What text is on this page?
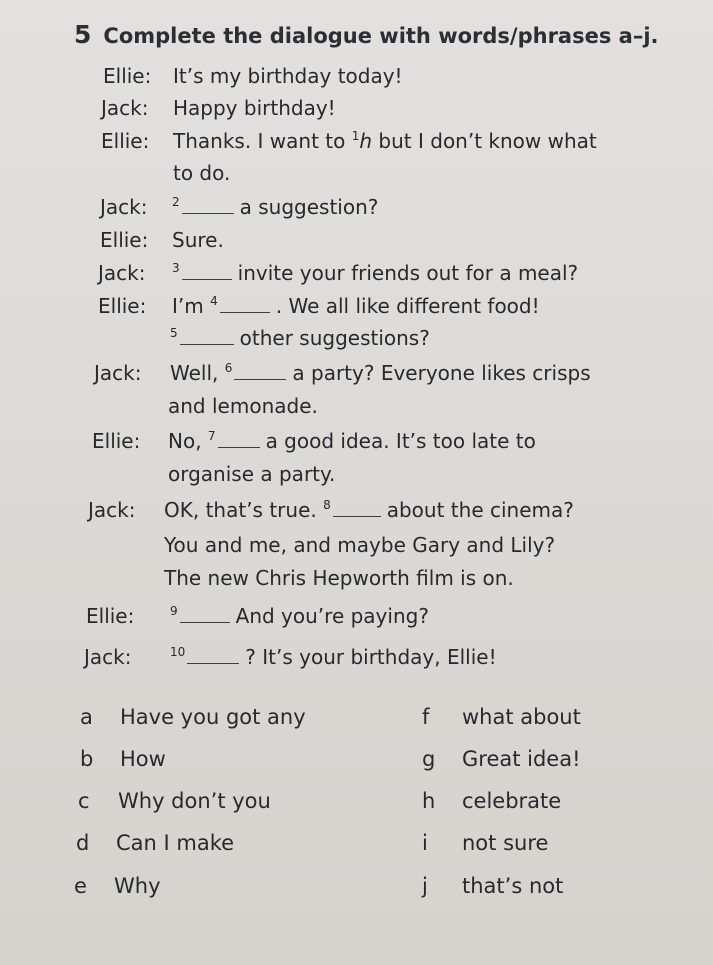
5 Complete the dialogue with words/phrases a–j.
Ellie: It’s my birthday today!
Jack: Happy birthday!
Ellie: Thanks. I want to $^1$h but I don’t know what
to do.
Jack: $^2$	a suggestion?
Ellie: Sure.
Jack: $^3$	invite your friends out for a meal?
Ellie: I’m $^4$	. We all like different food!
$^5$	other suggestions?
Jack: Well, $^6$	a party? Everyone likes crisps
and lemonade.
Ellie: No, $^7$	a good idea. It’s too late to
organise a party.
Jack: OK, that’s true. $^8$	about the cinema?
You and me, and maybe Gary and Lily?
The new Chris Hepworth film is on.
Ellie:	$^9$	And you’re paying?
Jack:	$^{10}$	? It’s your birthday, Ellie!
a Have you got any
b How
c Why don’t you
d Can I make
e Why
f what about
g Great idea!
h celebrate
i not sure
j that’s not
